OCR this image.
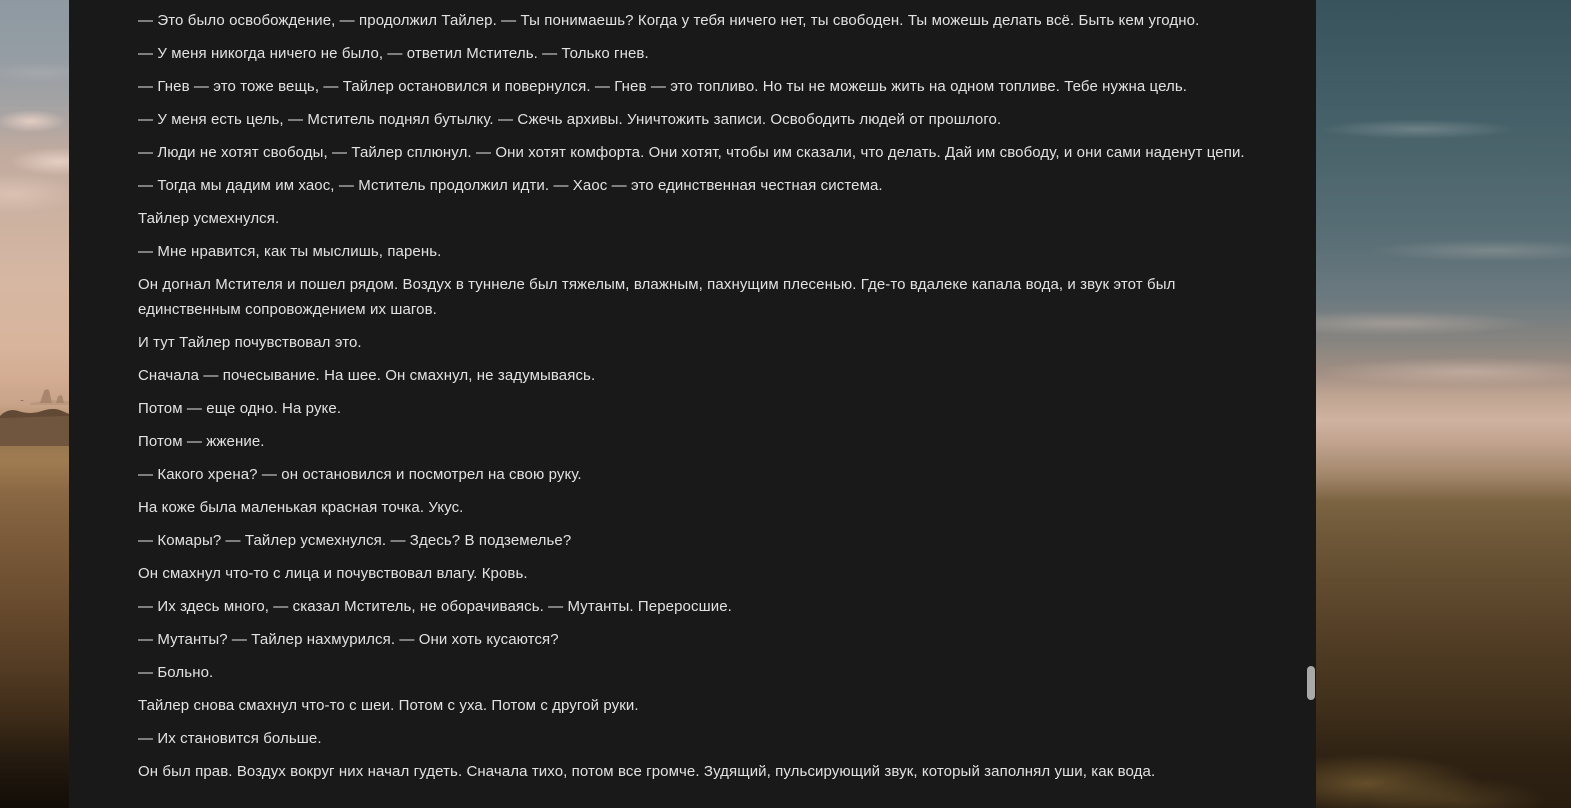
— Это было освобождение, — продолжил Тайлер. — Ты понимаешь? Когда у тебя ничего нет, ты свободен. Ты можешь делать всё. Быть кем угодно.

— У меня никогда ничего не было, — ответил Мститель. — Только гнев.

— Гнев — это тоже вещь, — Тайлер остановился и повернулся. — Гнев — это топливо. Но ты не можешь жить на одном топливе. Тебе нужна цель.

— У меня есть цель, — Мститель поднял бутылку. — Сжечь архивы. Уничтожить записи. Освободить людей от прошлого.

— Люди не хотят свободы, — Тайлер сплюнул. — Они хотят комфорта. Они хотят, чтобы им сказали, что делать. Дай им свободу, и они сами наденут цепи.

— Тогда мы дадим им хаос, — Мститель продолжил идти. — Хаос — это единственная честная система.

Тайлер усмехнулся.

— Мне нравится, как ты мыслишь, парень.

Он догнал Мстителя и пошел рядом. Воздух в туннеле был тяжелым, влажным, пахнущим плесенью. Где-то вдалеке капала вода, и звук этот был единственным сопровождением их шагов.

И тут Тайлер почувствовал это.

Сначала — почесывание. На шее. Он смахнул, не задумываясь.

Потом — еще одно. На руке.

Потом — жжение.

— Какого хрена? — он остановился и посмотрел на свою руку.

На коже была маленькая красная точка. Укус.

— Комары? — Тайлер усмехнулся. — Здесь? В подземелье?

Он смахнул что-то с лица и почувствовал влагу. Кровь.

— Их здесь много, — сказал Мститель, не оборачиваясь. — Мутанты. Переросшие.

— Мутанты? — Тайлер нахмурился. — Они хоть кусаются?

— Больно.

Тайлер снова смахнул что-то с шеи. Потом с уха. Потом с другой руки.

— Их становится больше.

Он был прав. Воздух вокруг них начал гудеть. Сначала тихо, потом все громче. Зудящий, пульсирующий звук, который заполнял уши, как вода.
